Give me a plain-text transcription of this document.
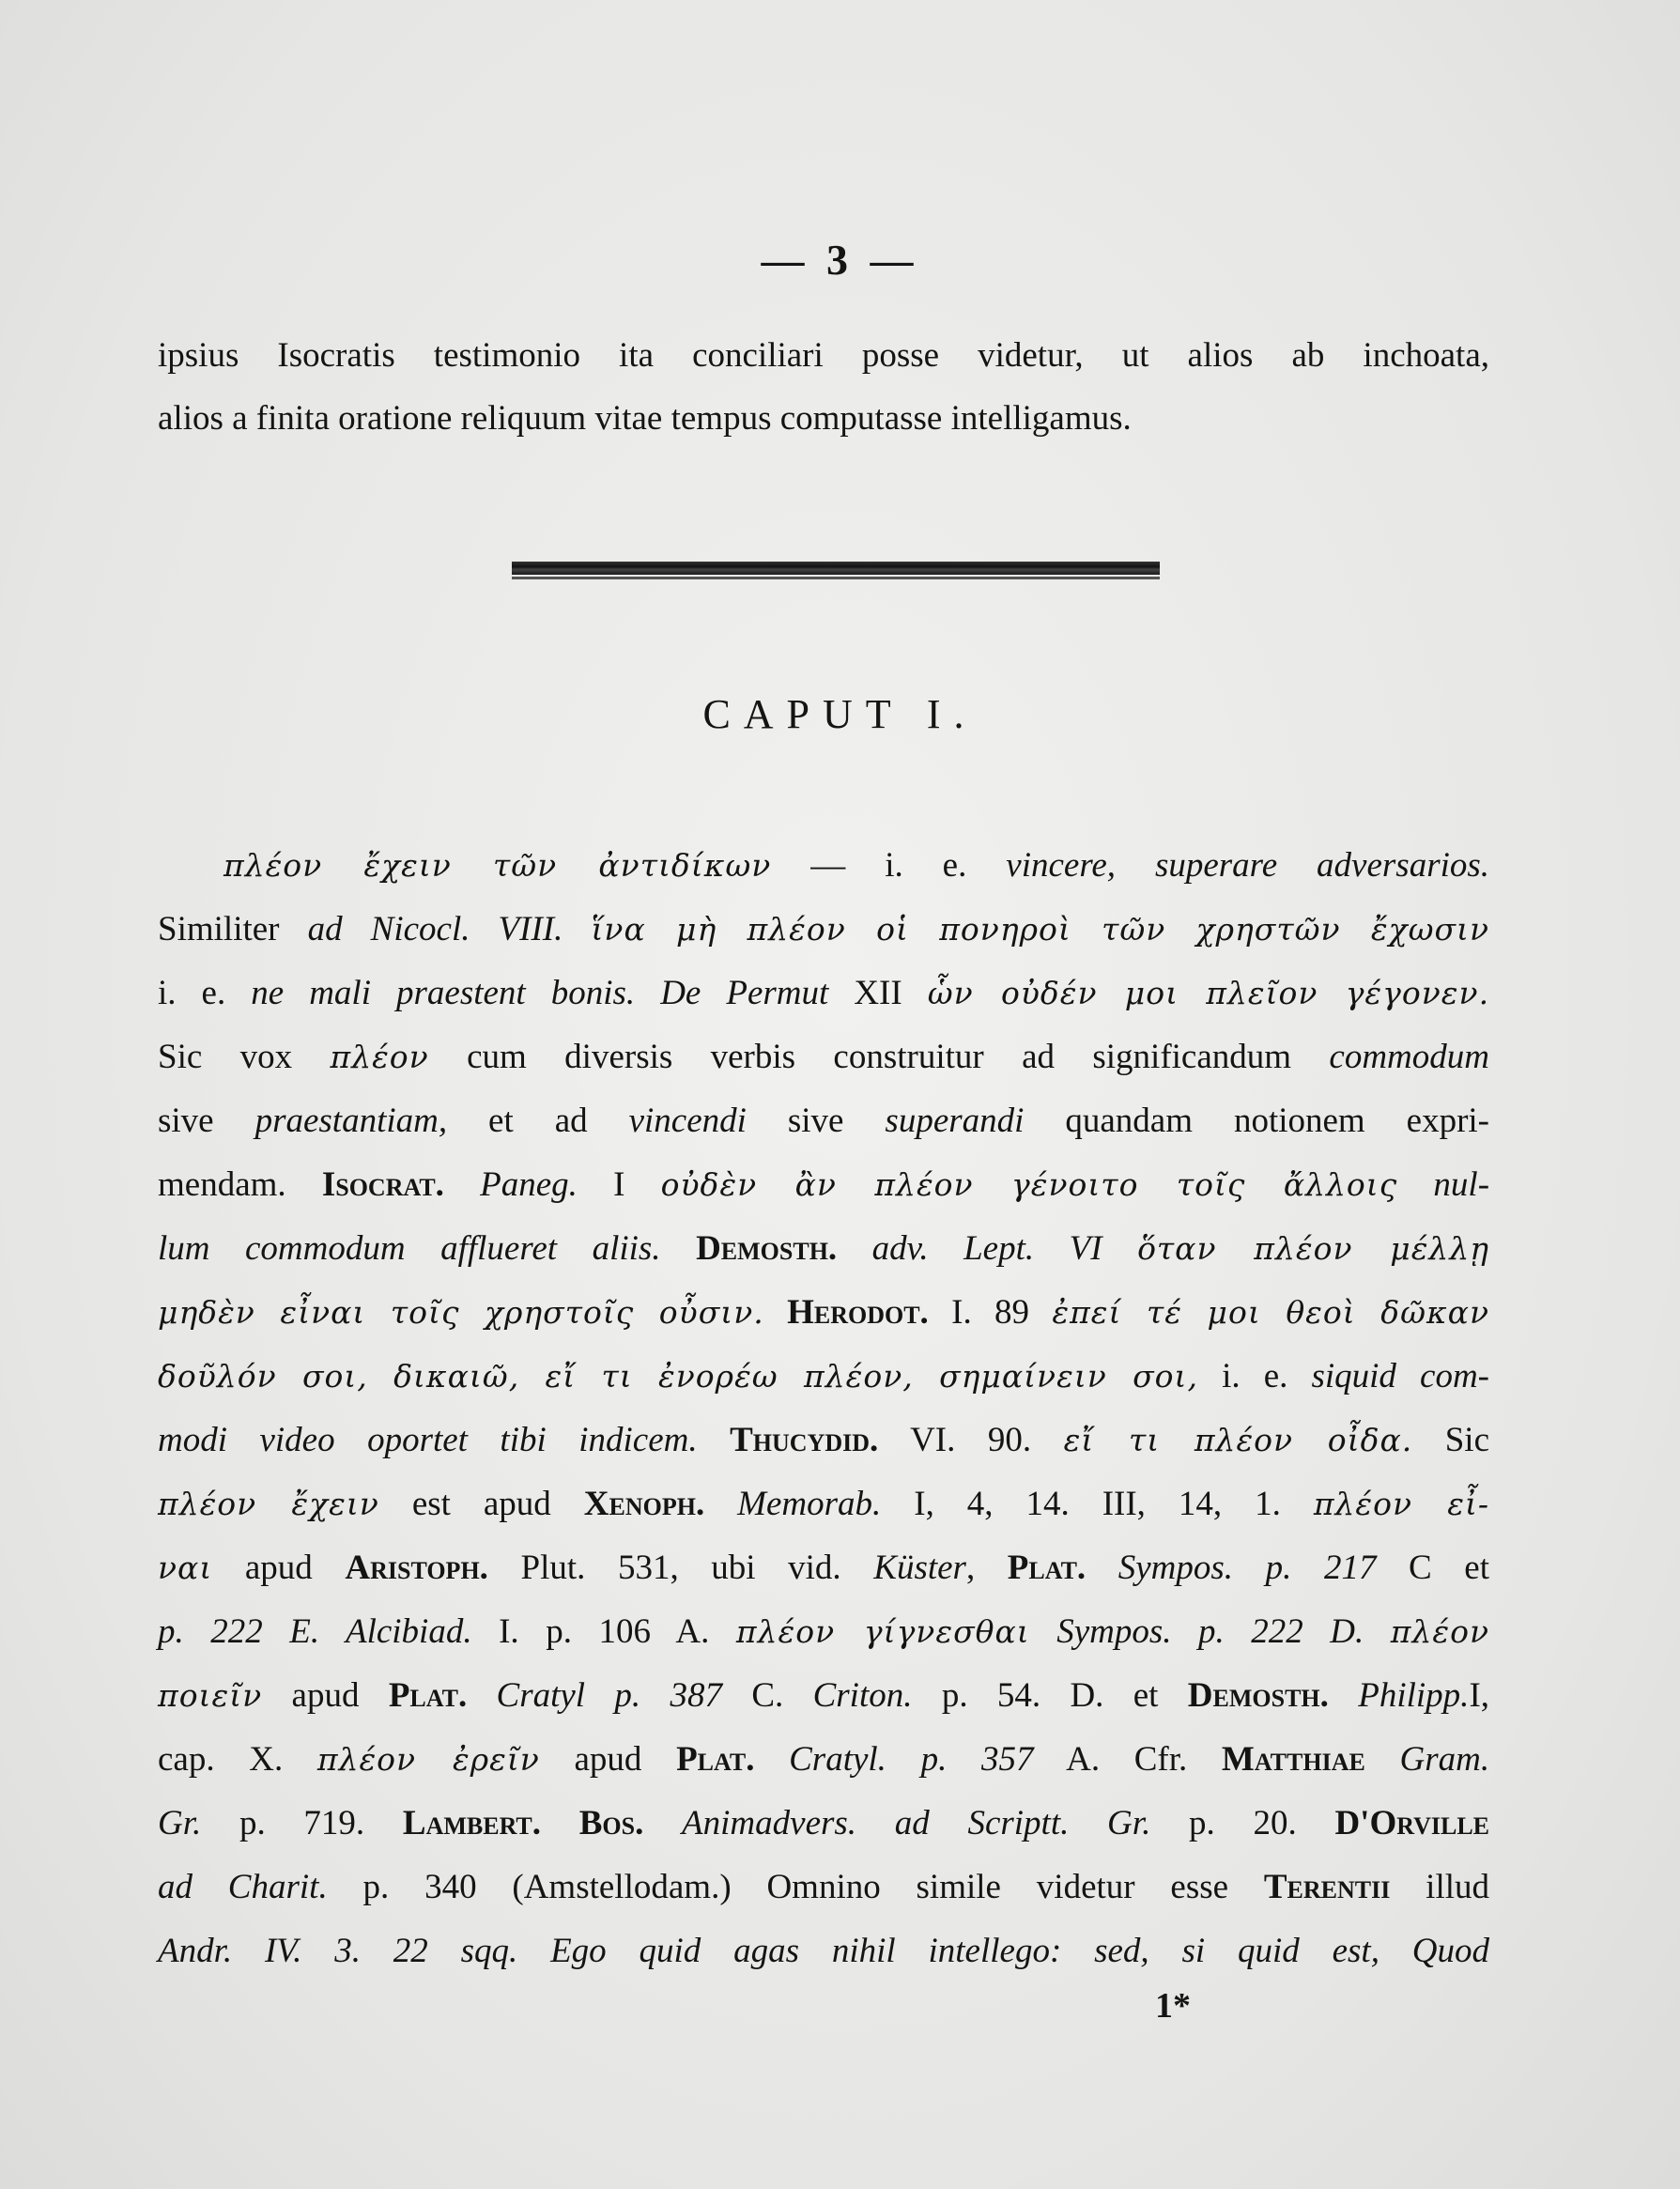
— 3 —
ipsius Isocratis testimonio ita conciliari posse videtur, ut alios ab inchoata,
alios a finita oratione reliquum vitae tempus computasse intelligamus.
CAPUT I.
πλέον ἔχειν τῶν ἀντιδίκων — i. e. vincere, superare adversarios.
Similiter ad Nicocl. VIII. ἵνα μὴ πλέον οἱ πονηροὶ τῶν χρηστῶν ἔχωσιν
i. e. ne mali praestent bonis. De Permut XII ὧν οὐδέν μοι πλεῖον γέγονεν.
Sic vox πλέον cum diversis verbis construitur ad significandum commodum
sive praestantiam, et ad vincendi sive superandi quandam notionem expri-
mendam. Isocrat. Paneg. I οὐδὲν ἂν πλέον γένοιτο τοῖς ἄλλοις nul-
lum commodum afflueret aliis. Demosth. adv. Lept. VI ὅταν πλέον μέλλῃ
μηδὲν εἶναι τοῖς χρηστοῖς οὖσιν. Herodot. I. 89 ἐπεί τέ μοι θεοὶ δῶκαν
δοῦλόν σοι, δικαιῶ, εἴ τι ἐνορέω πλέον, σημαίνειν σοι, i. e. siquid com-
modi video oportet tibi indicem. Thucydid. VI. 90. εἴ τι πλέον οἶδα. Sic
πλέον ἔχειν est apud Xenoph. Memorab. I, 4, 14. III, 14, 1. πλέον εἶ-
ναι apud Aristoph. Plut. 531, ubi vid. Küster, Plat. Sympos. p. 217 C et
p. 222 E. Alcibiad. I. p. 106 A. πλέον γίγνεσθαι Sympos. p. 222 D. πλέον
ποιεῖν apud Plat. Cratyl p. 387 C. Criton. p. 54. D. et Demosth. Philipp.I,
cap. X. πλέον ἐρεῖν apud Plat. Cratyl. p. 357 A. Cfr. Matthiae Gram.
Gr. p. 719. Lambert. Bos. Animadvers. ad Scriptt. Gr. p. 20. D'Orville
ad Charit. p. 340 (Amstellodam.) Omnino simile videtur esse Terentii illud
Andr. IV. 3. 22 sqq. Ego quid agas nihil intellego: sed, si quid est, Quod
1*
